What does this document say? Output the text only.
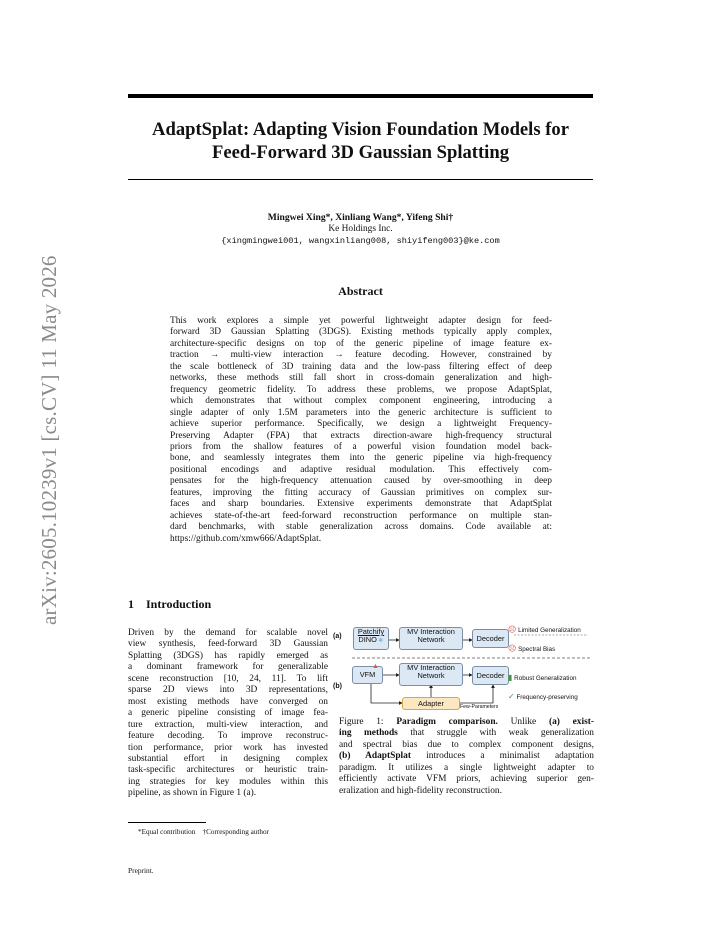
arXiv:2605.10239v1 [cs.CV] 11 May 2026
AdaptSplat: Adapting Vision Foundation Models for
Feed-Forward 3D Gaussian Splatting
Mingwei Xing*, Xinliang Wang*, Yifeng Shi†
Ke Holdings Inc.
{xingmingwei001, wangxinliang008, shiyifeng003}@ke.com
Abstract
This work explores a simple yet powerful lightweight adapter design for feed-
forward 3D Gaussian Splatting (3DGS). Existing methods typically apply complex,
architecture-specific designs on top of the generic pipeline of image feature ex-
traction → multi-view interaction → feature decoding. However, constrained by
the scale bottleneck of 3D training data and the low-pass filtering effect of deep
networks, these methods still fall short in cross-domain generalization and high-
frequency geometric fidelity. To address these problems, we propose AdaptSplat,
which demonstrates that without complex component engineering, introducing a
single adapter of only 1.5M parameters into the generic architecture is sufficient to
achieve superior performance. Specifically, we design a lightweight Frequency-
Preserving Adapter (FPA) that extracts direction-aware high-frequency structural
priors from the shallow features of a powerful vision foundation model back-
bone, and seamlessly integrates them into the generic pipeline via high-frequency
positional encodings and adaptive residual modulation. This effectively com-
pensates for the high-frequency attenuation caused by over-smoothing in deep
features, improving the fitting accuracy of Gaussian primitives on complex sur-
faces and sharp boundaries. Extensive experiments demonstrate that AdaptSplat
achieves state-of-the-art feed-forward reconstruction performance on multiple stan-
dard benchmarks, with stable generalization across domains. Code available at:
https://github.com/xmw666/AdaptSplat.
1 Introduction
Driven by the demand for scalable novel
view synthesis, feed-forward 3D Gaussian
Splatting (3DGS) has rapidly emerged as
a dominant framework for generalizable
scene reconstruction [10, 24, 11]. To lift
sparse 2D views into 3D representations,
most existing methods have converged on
a generic pipeline consisting of image fea-
ture extraction, multi-view interaction, and
feature decoding. To improve reconstruc-
tion performance, prior work has invested
substantial effort in designing complex
task-specific architectures or heuristic train-
ing strategies for key modules within this
pipeline, as shown in Figure 1 (a).
(a)
(b)
Patchify
DINO ❄
MV Interaction
Network	Decoder
☹ Limited Generalization
☹ Spectral Bias
VFM
▲	MV Interaction
Network	Decoder
Adapter	Few-Parameters
▮ Robust Generalization
✓ Frequency-preserving
Figure 1: Paradigm comparison. Unlike (a) exist-
ing methods that struggle with weak generalization
and spectral bias due to complex component designs,
(b) AdaptSplat introduces a minimalist adaptation
paradigm. It utilizes a single lightweight adapter to
efficiently activate VFM priors, achieving superior gen-
eralization and high-fidelity reconstruction.
*Equal contribution    †Corresponding author
Preprint.
